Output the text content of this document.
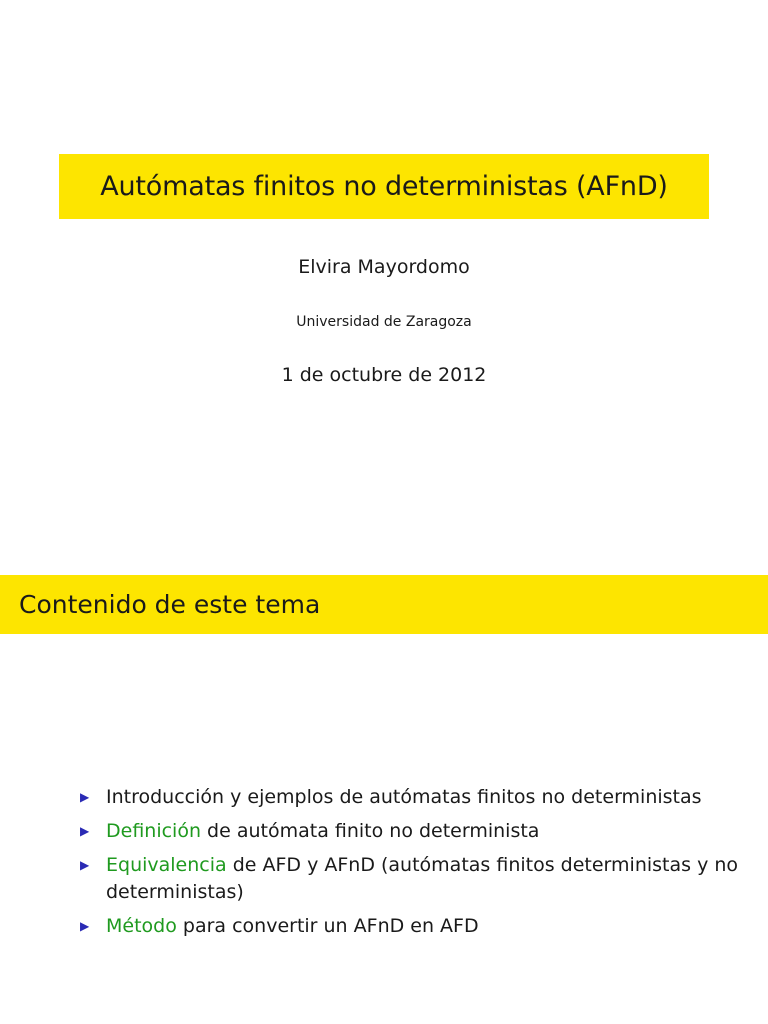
Autómatas finitos no deterministas (AFnD)
Elvira Mayordomo
Universidad de Zaragoza
1 de octubre de 2012
Contenido de este tema
▶ Introducción y ejemplos de autómatas finitos no deterministas
▶ Definición de autómata finito no determinista
▶ Equivalencia de AFD y AFnD (autómatas finitos deterministas y no deterministas)
▶ Método para convertir un AFnD en AFD
